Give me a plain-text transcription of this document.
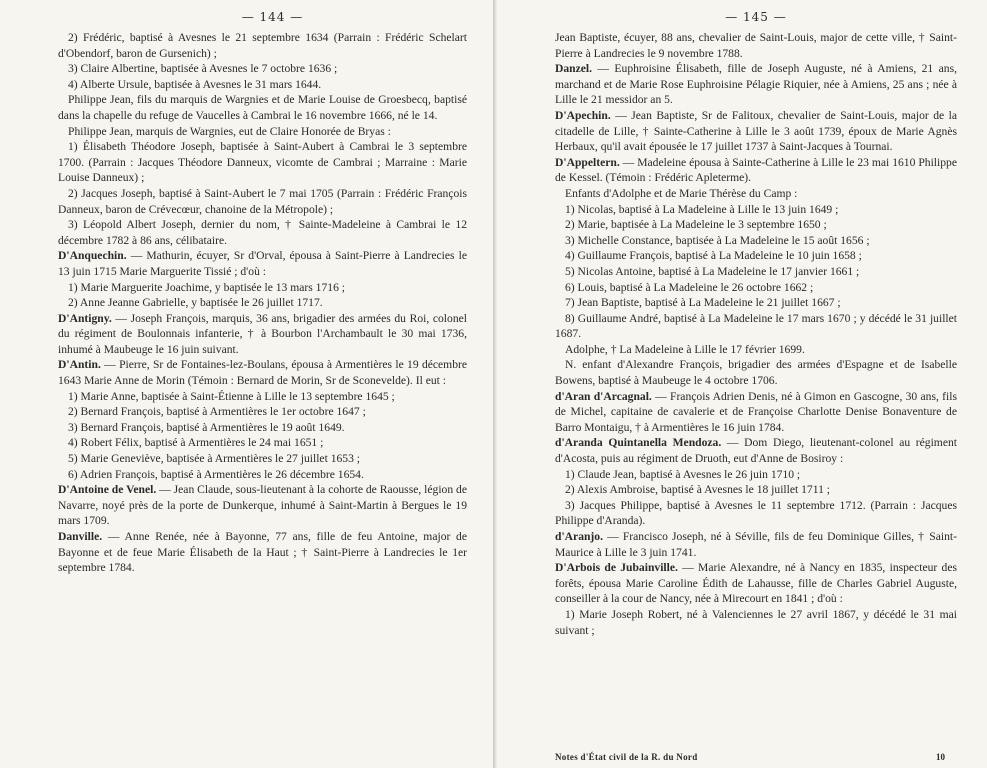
— 144 —

2) Frédéric, baptisé à Avesnes le 21 septembre 1634 (Parrain : Frédéric Schelart d'Obendorf, baron de Gursenich) ;

3) Claire Albertine, baptisée à Avesnes le 7 octobre 1636 ;

4) Alberte Ursule, baptisée à Avesnes le 31 mars 1644.

Philippe Jean, fils du marquis de Wargnies et de Marie Louise de Groesbecq, baptisé dans la chapelle du refuge de Vaucelles à Cambrai le 16 novembre 1666, né le 14.

Philippe Jean, marquis de Wargnies, eut de Claire Honorée de Bryas :

1) Élisabeth Théodore Joseph, baptisée à Saint-Aubert à Cambrai le 3 septembre 1700. (Parrain : Jacques Théodore Danneux, vicomte de Cambrai ; Marraine : Marie Louise Danneux) ;

2) Jacques Joseph, baptisé à Saint-Aubert le 7 mai 1705 (Parrain : Frédéric François Danneux, baron de Crévecœur, chanoine de la Métropole) ;

3) Léopold Albert Joseph, dernier du nom, † Sainte-Madeleine à Cambrai le 12 décembre 1782 à 86 ans, célibataire.

D'Anquechin. — Mathurin, écuyer, Sr d'Orval, épousa à Saint-Pierre à Landrecies le 13 juin 1715 Marie Marguerite Tissié ; d'où :

1) Marie Marguerite Joachime, y baptisée le 13 mars 1716 ;

2) Anne Jeanne Gabrielle, y baptisée le 26 juillet 1717.

D'Antigny. — Joseph François, marquis, 36 ans, brigadier des armées du Roi, colonel du régiment de Boulonnais infanterie, † à Bourbon l'Archambault le 30 mai 1736, inhumé à Maubeuge le 16 juin suivant.

D'Antin. — Pierre, Sr de Fontaines-lez-Boulans, épousa à Armentières le 19 décembre 1643 Marie Anne de Morin (Témoin : Bernard de Morin, Sr de Sconevelde). Il eut :

1) Marie Anne, baptisée à Saint-Étienne à Lille le 13 septembre 1645 ;

2) Bernard François, baptisé à Armentières le 1er octobre 1647 ;

3) Bernard François, baptisé à Armentières le 19 août 1649.

4) Robert Félix, baptisé à Armentières le 24 mai 1651 ;

5) Marie Geneviève, baptisée à Armentières le 27 juillet 1653 ;

6) Adrien François, baptisé à Armentières le 26 décembre 1654.

D'Antoine de Venel. — Jean Claude, sous-lieutenant à la cohorte de Raousse, légion de Navarre, noyé près de la porte de Dunkerque, inhumé à Saint-Martin à Bergues le 19 mars 1709.

Danville. — Anne Renée, née à Bayonne, 77 ans, fille de feu Antoine, major de Bayonne et de feue Marie Élisabeth de la Haut ; † Saint-Pierre à Landrecies le 1er septembre 1784.

— 145 —

Jean Baptiste, écuyer, 88 ans, chevalier de Saint-Louis, major de cette ville, † Saint-Pierre à Landrecies le 9 novembre 1788.

Danzel. — Euphroisine Élisabeth, fille de Joseph Auguste, né à Amiens, 21 ans, marchand et de Marie Rose Euphroisine Pélagie Riquier, née à Amiens, 25 ans ; née à Lille le 21 messidor an 5.

D'Apechin. — Jean Baptiste, Sr de Falitoux, chevalier de Saint-Louis, major de la citadelle de Lille, † Sainte-Catherine à Lille le 3 août 1739, époux de Marie Agnès Herbaux, qu'il avait épousée le 17 juillet 1737 à Saint-Jacques à Tournai.

D'Appeltern. — Madeleine épousa à Sainte-Catherine à Lille le 23 mai 1610 Philippe de Kessel. (Témoin : Frédéric Apleterme).

Enfants d'Adolphe et de Marie Thérèse du Camp :

1) Nicolas, baptisé à La Madeleine à Lille le 13 juin 1649 ;

2) Marie, baptisée à La Madeleine le 3 septembre 1650 ;

3) Michelle Constance, baptisée à La Madeleine le 15 août 1656 ;

4) Guillaume François, baptisé à La Madeleine le 10 juin 1658 ;

5) Nicolas Antoine, baptisé à La Madeleine le 17 janvier 1661 ;

6) Louis, baptisé à La Madeleine le 26 octobre 1662 ;

7) Jean Baptiste, baptisé à La Madeleine le 21 juillet 1667 ;

8) Guillaume André, baptisé à La Madeleine le 17 mars 1670 ; y décédé le 31 juillet 1687.

Adolphe, † La Madeleine à Lille le 17 février 1699.

N. enfant d'Alexandre François, brigadier des armées d'Espagne et de Isabelle Bowens, baptisé à Maubeuge le 4 octobre 1706.

d'Aran d'Arcagnal. — François Adrien Denis, né à Gimon en Gascogne, 30 ans, fils de Michel, capitaine de cavalerie et de Françoise Charlotte Denise Bonaventure de Barro Montaigu, † à Armentières le 16 juin 1784.

d'Aranda Quintanella Mendoza. — Dom Diego, lieutenant-colonel au régiment d'Acosta, puis au régiment de Druoth, eut d'Anne de Bosiroy :

1) Claude Jean, baptisé à Avesnes le 26 juin 1710 ;

2) Alexis Ambroise, baptisé à Avesnes le 18 juillet 1711 ;

3) Jacques Philippe, baptisé à Avesnes le 11 septembre 1712. (Parrain : Jacques Philippe d'Aranda).

d'Aranjo. — Francisco Joseph, né à Séville, fils de feu Dominique Gilles, † Saint-Maurice à Lille le 3 juin 1741.

D'Arbois de Jubainville. — Marie Alexandre, né à Nancy en 1835, inspecteur des forêts, épousa Marie Caroline Édith de Lahausse, fille de Charles Gabriel Auguste, conseiller à la cour de Nancy, née à Mirecourt en 1841 ; d'où :

1) Marie Joseph Robert, né à Valenciennes le 27 avril 1867, y décédé le 31 mai suivant ;

Notes d'État civil de la R. du Nord	10
